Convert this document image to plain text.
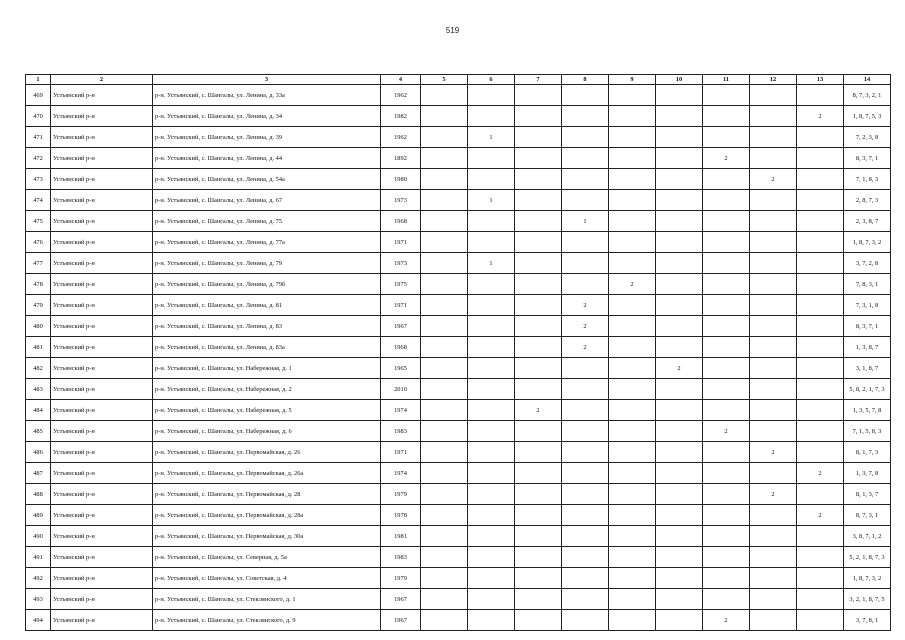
519
1	2	3	4	5	6	7	8	9	10	11	12	13	14
469	Устьянский р-н	р-н. Устьянский, с. Шангалы, ул. Ленина, д. 33а	1962										8, 7, 3, 2, 1
470	Устьянский р-н	р-н. Устьянский, с. Шангалы, ул. Ленина, д. 34	1982									2	1, 8, 7, 5, 3
471	Устьянский р-н	р-н. Устьянский, с. Шангалы, ул. Ленина, д. 39	1962		1								7, 2, 3, 8
472	Устьянский р-н	р-н. Устьянский, с. Шангалы, ул. Ленина, д. 44	1892							2			8, 3, 7, 1
473	Устьянский р-н	р-н. Устьянский, с. Шангалы, ул. Ленина, д. 54а	1980								2		7, 1, 8, 3
474	Устьянский р-н	р-н. Устьянский, с. Шангалы, ул. Ленина, д. 67	1973		1								2, 8, 7, 3
475	Устьянский р-н	р-н. Устьянский, с. Шангалы, ул. Ленина, д. 75	1968				1						2, 3, 8, 7
476	Устьянский р-н	р-н. Устьянский, с. Шангалы, ул. Ленина, д. 77а	1971										1, 8, 7, 3, 2
477	Устьянский р-н	р-н. Устьянский, с. Шангалы, ул. Ленина, д. 79	1973		1								3, 7, 2, 8
478	Устьянский р-н	р-н. Устьянский, с. Шангалы, ул. Ленина, д. 79б	1975					2					7, 8, 3, 1
479	Устьянский р-н	р-н. Устьянский, с. Шангалы, ул. Ленина, д. 81	1971				2						7, 3, 1, 8
480	Устьянский р-н	р-н. Устьянский, с. Шангалы, ул. Ленина, д. 83	1967				2						8, 3, 7, 1
481	Устьянский р-н	р-н. Устьянский, с. Шангалы, ул. Ленина, д. 83а	1968				2						1, 3, 8, 7
482	Устьянский р-н	р-н. Устьянский, с. Шангалы, ул. Набережная, д. 1	1965						2				3, 1, 8, 7
483	Устьянский р-н	р-н. Устьянский, с. Шангалы, ул. Набережная, д. 2	2010										5, 8, 2, 1, 7, 3
484	Устьянский р-н	р-н. Устьянский, с. Шангалы, ул. Набережная, д. 5	1974			2							1, 3, 5, 7, 8
485	Устьянский р-н	р-н. Устьянский, с. Шангалы, ул. Набережная, д. 6	1983							2			7, 1, 5, 8, 3
486	Устьянский р-н	р-н. Устьянский, с. Шангалы, ул. Первомайская, д. 26	1971								2		8, 1, 7, 3
487	Устьянский р-н	р-н. Устьянский, с. Шангалы, ул. Первомайская, д. 26а	1974									2	1, 3, 7, 8
488	Устьянский р-н	р-н. Устьянский, с. Шангалы, ул. Первомайская, д. 28	1979								2		8, 1, 3, 7
489	Устьянский р-н	р-н. Устьянский, с. Шангалы, ул. Первомайская, д. 28а	1978									2	8, 7, 3, 1
490	Устьянский р-н	р-н. Устьянский, с. Шангалы, ул. Первомайская, д. 30а	1981										3, 8, 7, 1, 2
491	Устьянский р-н	р-н. Устьянский, с. Шангалы, ул. Северная, д. 5а	1983										5, 2, 1, 8, 7, 3
492	Устьянский р-н	р-н. Устьянский, с. Шангалы, ул. Советская, д. 4	1979										1, 8, 7, 3, 2
493	Устьянский р-н	р-н. Устьянский, с. Шангалы, ул. Стеклянского, д. 1	1967										3, 2, 1, 8, 7, 5
494	Устьянский р-н	р-н. Устьянский, с. Шангалы, ул. Стеклянского, д. 9	1967							2			3, 7, 8, 1
